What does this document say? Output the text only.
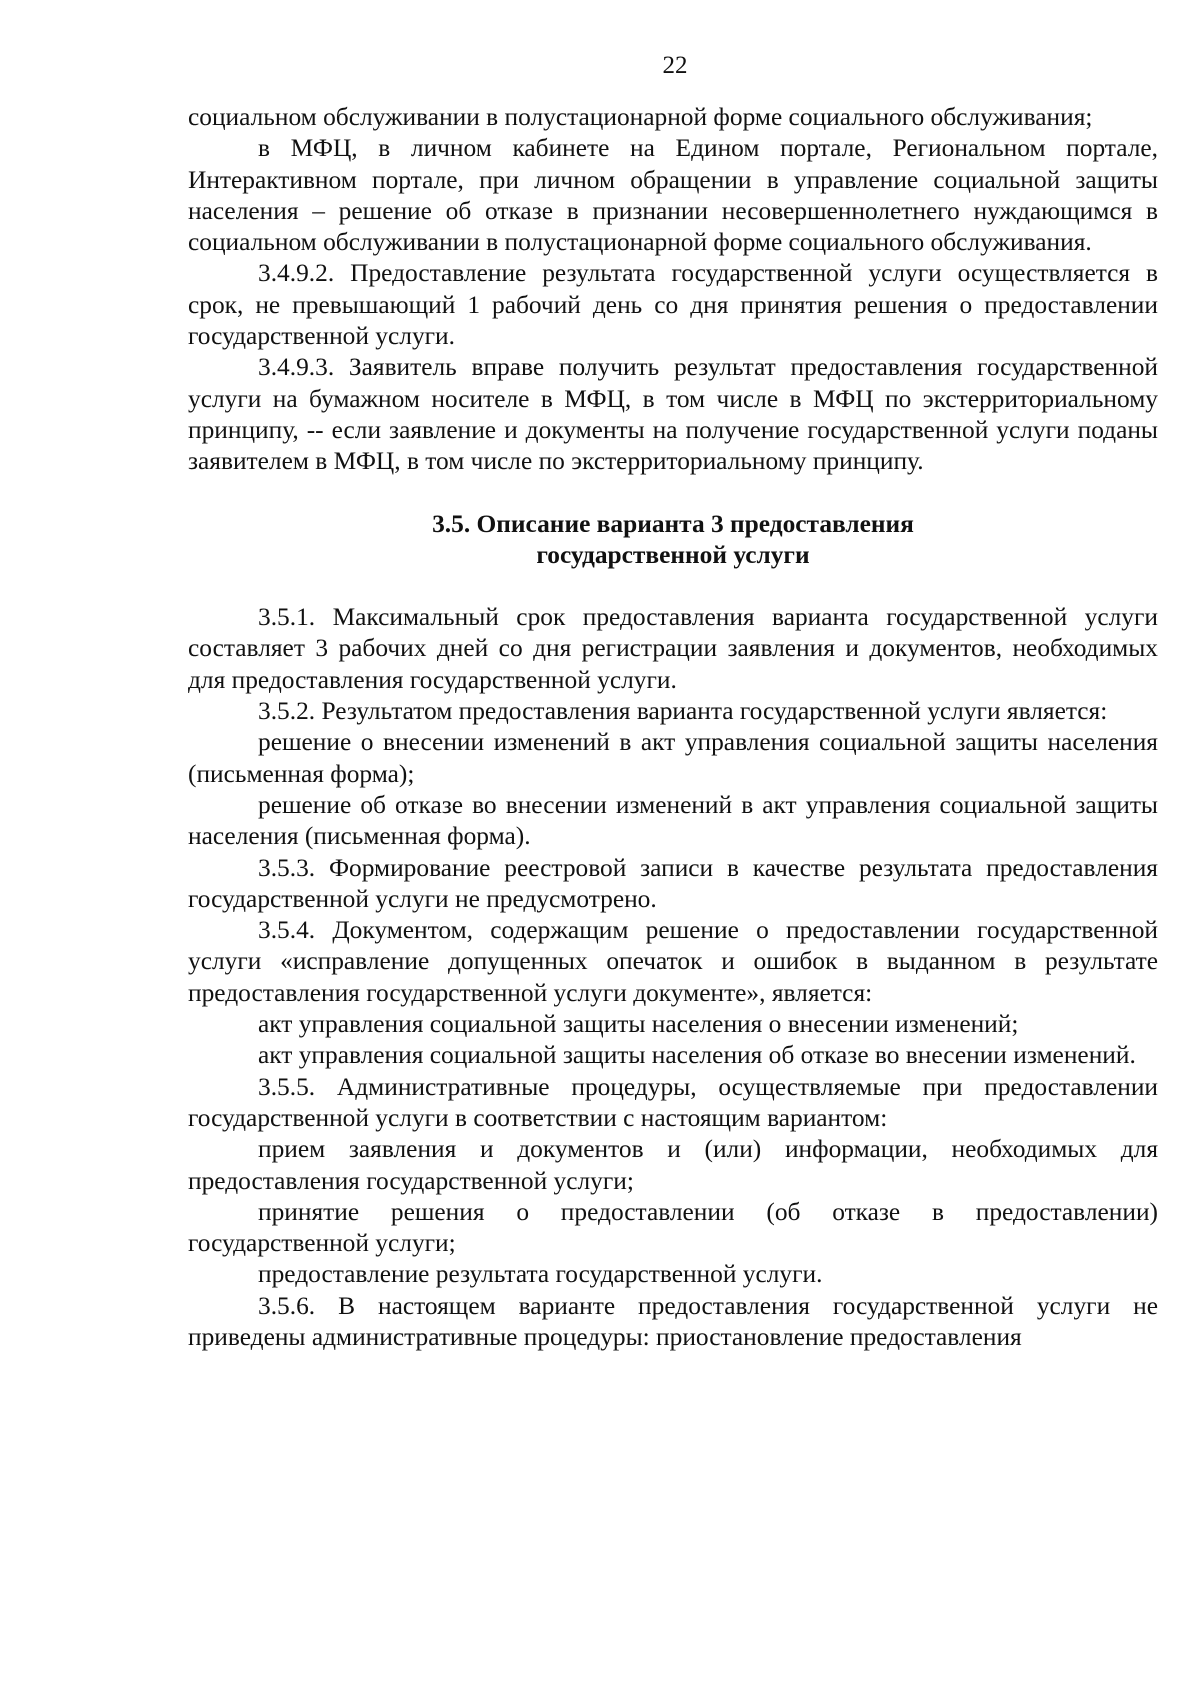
22

социальном обслуживании в полустационарной форме социального обслуживания;

в МФЦ, в личном кабинете на Едином портале, Региональном портале, Интерактивном портале, при личном обращении в управление социальной защиты населения – решение об отказе в признании несовершеннолетнего нуждающимся в социальном обслуживании в полустационарной форме социального обслуживания.

3.4.9.2. Предоставление результата государственной услуги осуществляется в срок, не превышающий 1 рабочий день со дня принятия решения о предоставлении государственной услуги.

3.4.9.3. Заявитель вправе получить результат предоставления государственной услуги на бумажном носителе в МФЦ, в том числе в МФЦ по экстерриториальному принципу, -- если заявление и документы на получение государственной услуги поданы заявителем в МФЦ, в том числе по экстерриториальному принципу.

3.5. Описание варианта 3 предоставления

государственной услуги

3.5.1. Максимальный срок предоставления варианта государственной услуги составляет 3 рабочих дней со дня регистрации заявления и документов, необходимых для предоставления государственной услуги.

3.5.2. Результатом предоставления варианта государственной услуги является:

решение о внесении изменений в акт управления социальной защиты населения (письменная форма);

решение об отказе во внесении изменений в акт управления социальной защиты населения (письменная форма).

3.5.3. Формирование реестровой записи в качестве результата предоставления государственной услуги не предусмотрено.

3.5.4. Документом, содержащим решение о предоставлении государственной услуги «исправление допущенных опечаток и ошибок в выданном в результате предоставления государственной услуги документе», является:

акт управления социальной защиты населения о внесении изменений;

акт управления социальной защиты населения об отказе во внесении изменений.

3.5.5. Административные процедуры, осуществляемые при предоставлении государственной услуги в соответствии с настоящим вариантом:

прием заявления и документов и (или) информации, необходимых для предоставления государственной услуги;

принятие решения о предоставлении (об отказе в предоставлении) государственной услуги;

предоставление результата государственной услуги.

3.5.6. В настоящем варианте предоставления государственной услуги не приведены административные процедуры: приостановление предоставления
